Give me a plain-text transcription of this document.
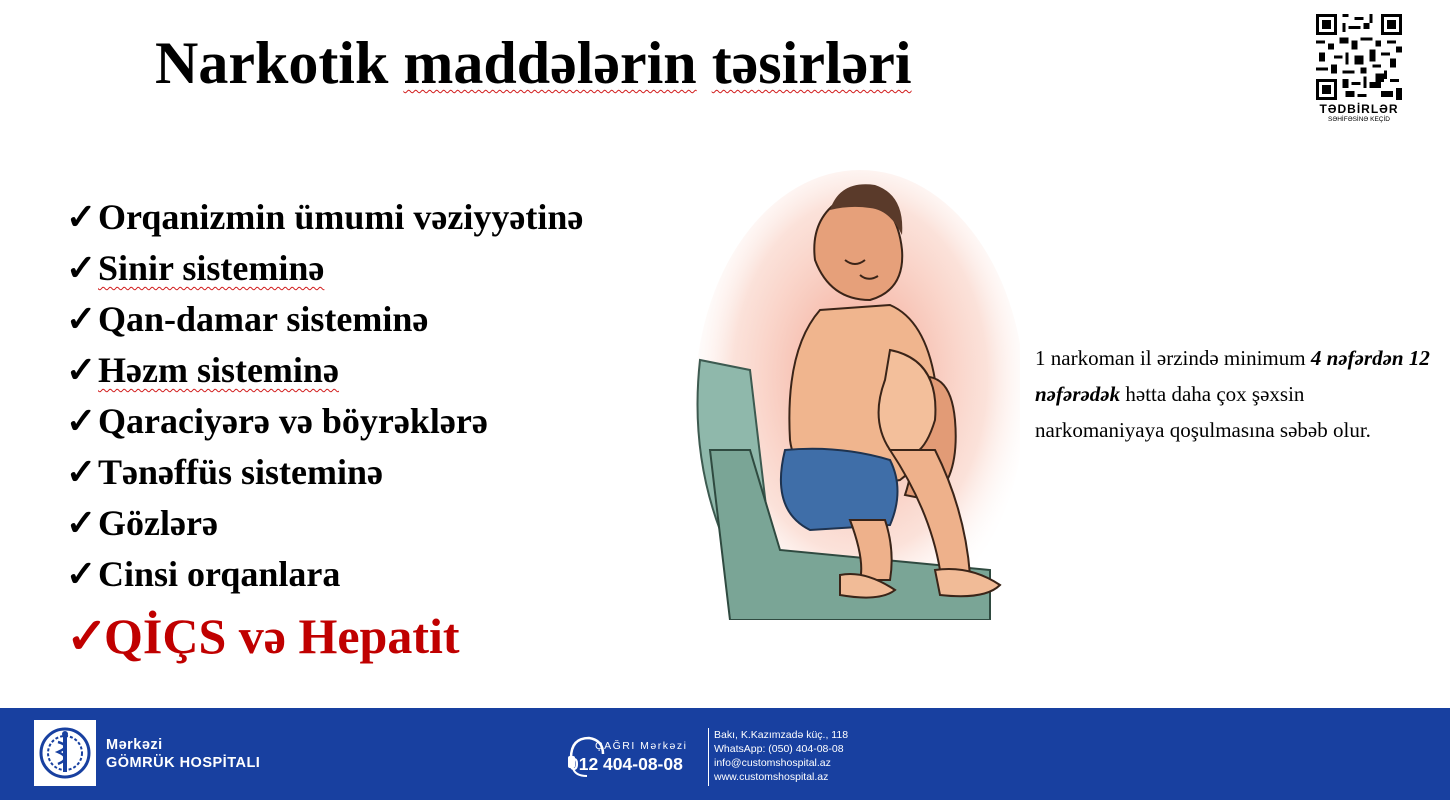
Narkotik maddələrin təsirləri
TƏDBİRLƏR
SƏHİFƏSİNƏ KEÇİD
✓Orqanizmin ümumi vəziyyətinə
✓Sinir sisteminə
✓Qan-damar sisteminə
✓Həzm sisteminə
✓Qaraciyərə və böyrəklərə
✓Tənəffüs sisteminə
✓Gözlərə
✓Cinsi orqanlara
✓QİÇS və Hepatit

1 narkoman il ərzində minimum 4 nəfərdən 12 nəfərədək hətta daha çox şəxsin narkomaniyaya qoşulmasına səbəb olur.

Mərkəzi
GÖMRÜK HOSPİTALI
ÇAĞRI Mərkəzi
012 404-08-08
Bakı, K.Kazımzadə küç., 118
WhatsApp: (050) 404-08-08
info@customshospital.az
www.customshospital.az
